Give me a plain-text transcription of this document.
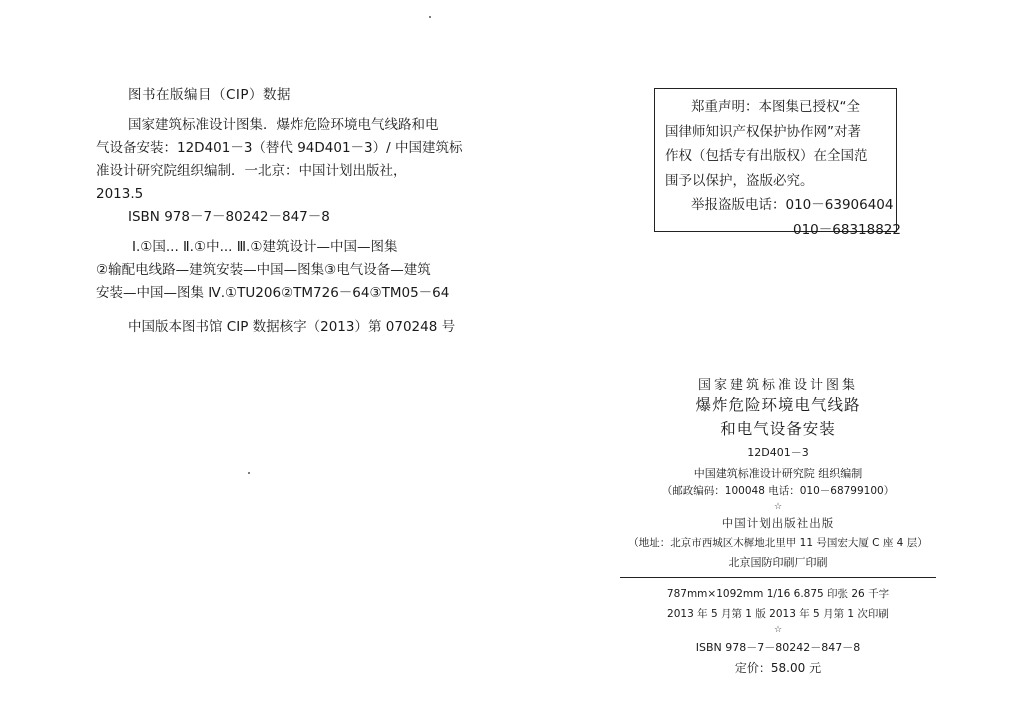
图书在版编目（CIP）数据
国家建筑标准设计图集．爆炸危险环境电气线路和电
气设备安装：12D401－3（替代 94D401－3）/ 中国建筑标
准设计研究院组织编制．一北京：中国计划出版社，
2013.5
ISBN 978－7－80242－847－8
Ⅰ.①国... Ⅱ.①中... Ⅲ.①建筑设计—中国—图集
②输配电线路—建筑安装—中国—图集③电气设备—建筑
安装—中国—图集 Ⅳ.①TU206②TM726－64③TM05－64
中国版本图书馆 CIP 数据核字（2013）第 070248 号
郑重声明：本图集已授权“全
国律师知识产权保护协作网”对著
作权（包括专有出版权）在全国范
围予以保护，盗版必究。
举报盗版电话：010－63906404
010－68318822
国家建筑标准设计图集
爆炸危险环境电气线路
和电气设备安装
12D401－3
中国建筑标准设计研究院 组织编制
（邮政编码：100048 电话：010－68799100）
☆
中国计划出版社出版
（地址：北京市西城区木樨地北里甲 11 号国宏大厦 C 座 4 层）
北京国防印刷厂印刷
787mm×1092mm 1/16 6.875 印张 26 千字
2013 年 5 月第 1 版 2013 年 5 月第 1 次印刷
☆
ISBN 978－7－80242－847－8
定价：58.00 元
